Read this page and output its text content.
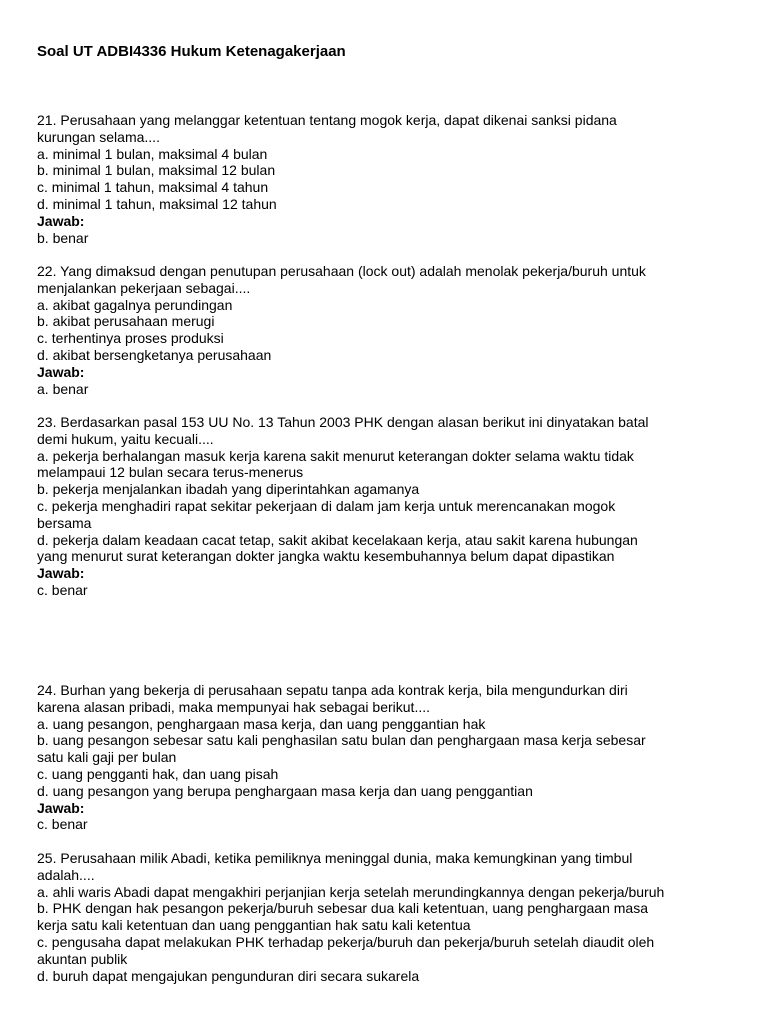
Soal UT ADBI4336 Hukum Ketenagakerjaan
21. Perusahaan yang melanggar ketentuan tentang mogok kerja, dapat dikenai sanksi pidana
kurungan selama....
a. minimal 1 bulan, maksimal 4 bulan
b. minimal 1 bulan, maksimal 12 bulan
c. minimal 1 tahun, maksimal 4 tahun
d. minimal 1 tahun, maksimal 12 tahun
Jawab:
b. benar
22. Yang dimaksud dengan penutupan perusahaan (lock out) adalah menolak pekerja/buruh untuk
menjalankan pekerjaan sebagai....
a. akibat gagalnya perundingan
b. akibat perusahaan merugi
c. terhentinya proses produksi
d. akibat bersengketanya perusahaan
Jawab:
a. benar
23. Berdasarkan pasal 153 UU No. 13 Tahun 2003 PHK dengan alasan berikut ini dinyatakan batal
demi hukum, yaitu kecuali....
a. pekerja berhalangan masuk kerja karena sakit menurut keterangan dokter selama waktu tidak
melampaui 12 bulan secara terus-menerus
b. pekerja menjalankan ibadah yang diperintahkan agamanya
c. pekerja menghadiri rapat sekitar pekerjaan di dalam jam kerja untuk merencanakan mogok
bersama
d. pekerja dalam keadaan cacat tetap, sakit akibat kecelakaan kerja, atau sakit karena hubungan
yang menurut surat keterangan dokter jangka waktu kesembuhannya belum dapat dipastikan
Jawab:
c. benar
24. Burhan yang bekerja di perusahaan sepatu tanpa ada kontrak kerja, bila mengundurkan diri
karena alasan pribadi, maka mempunyai hak sebagai berikut....
a. uang pesangon, penghargaan masa kerja, dan uang penggantian hak
b. uang pesangon sebesar satu kali penghasilan satu bulan dan penghargaan masa kerja sebesar
satu kali gaji per bulan
c. uang pengganti hak, dan uang pisah
d. uang pesangon yang berupa penghargaan masa kerja dan uang penggantian
Jawab:
c. benar
25. Perusahaan milik Abadi, ketika pemiliknya meninggal dunia, maka kemungkinan yang timbul
adalah....
a. ahli waris Abadi dapat mengakhiri perjanjian kerja setelah merundingkannya dengan pekerja/buruh
b. PHK dengan hak pesangon pekerja/buruh sebesar dua kali ketentuan, uang penghargaan masa
kerja satu kali ketentuan dan uang penggantian hak satu kali ketentua
c. pengusaha dapat melakukan PHK terhadap pekerja/buruh dan pekerja/buruh setelah diaudit oleh
akuntan publik
d. buruh dapat mengajukan pengunduran diri secara sukarela
